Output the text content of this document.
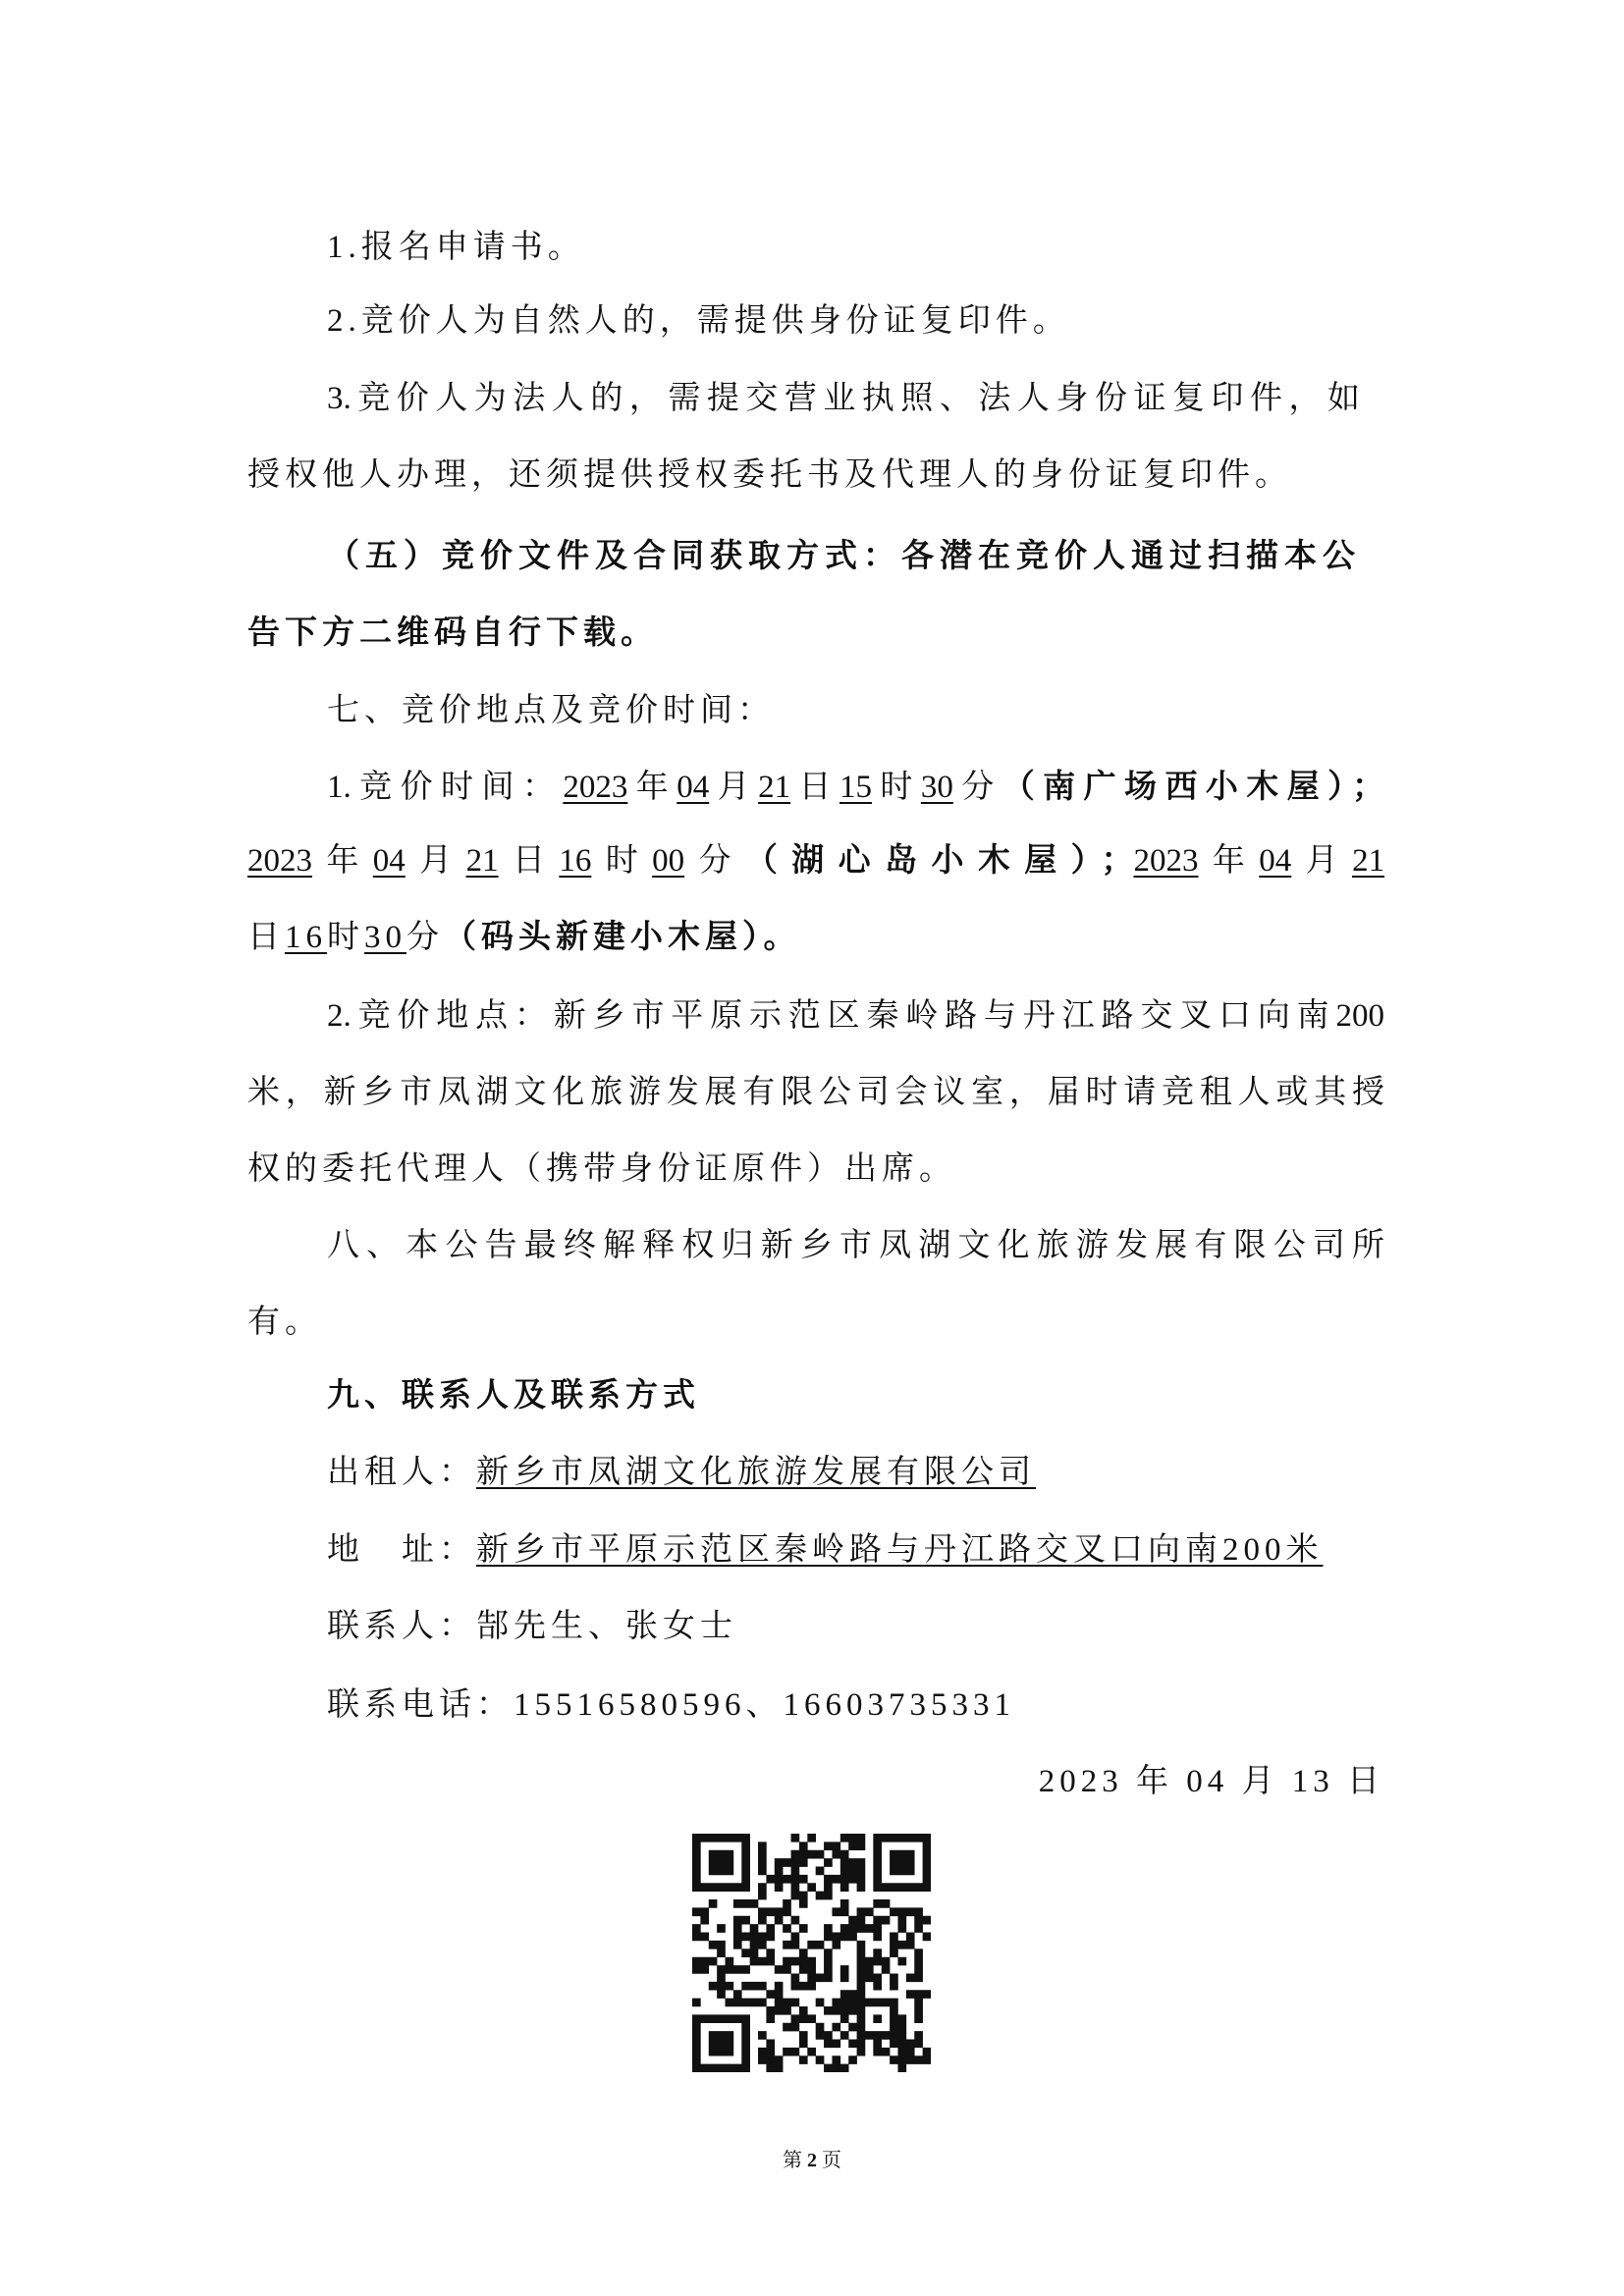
1.报名申请书。
2.竞价人为自然人的，需提供身份证复印件。
3.竞价人为法人的，需提交营业执照、法人身份证复印件，如
授权他人办理，还须提供授权委托书及代理人的身份证复印件。
（五）竞价文件及合同获取方式：各潜在竞价人通过扫描本公
告下方二维码自行下载。
七、竞价地点及竞价时间：
1.竞价时间：2023年04月21日15时30分（南广场西小木屋）；
2023年04月21日16时00分（湖心岛小木屋）；2023年04月21
日16时30分（码头新建小木屋）。
2.竞价地点：新乡市平原示范区秦岭路与丹江路交叉口向南200
米，新乡市凤湖文化旅游发展有限公司会议室，届时请竞租人或其授
权的委托代理人（携带身份证原件）出席。
八、本公告最终解释权归新乡市凤湖文化旅游发展有限公司所
有。
九、联系人及联系方式
出租人：新乡市凤湖文化旅游发展有限公司
地　址：新乡市平原示范区秦岭路与丹江路交叉口向南200米
联系人：郜先生、张女士
联系电话：15516580596、16603735331
2023 年 04 月 13 日
第 2 页
